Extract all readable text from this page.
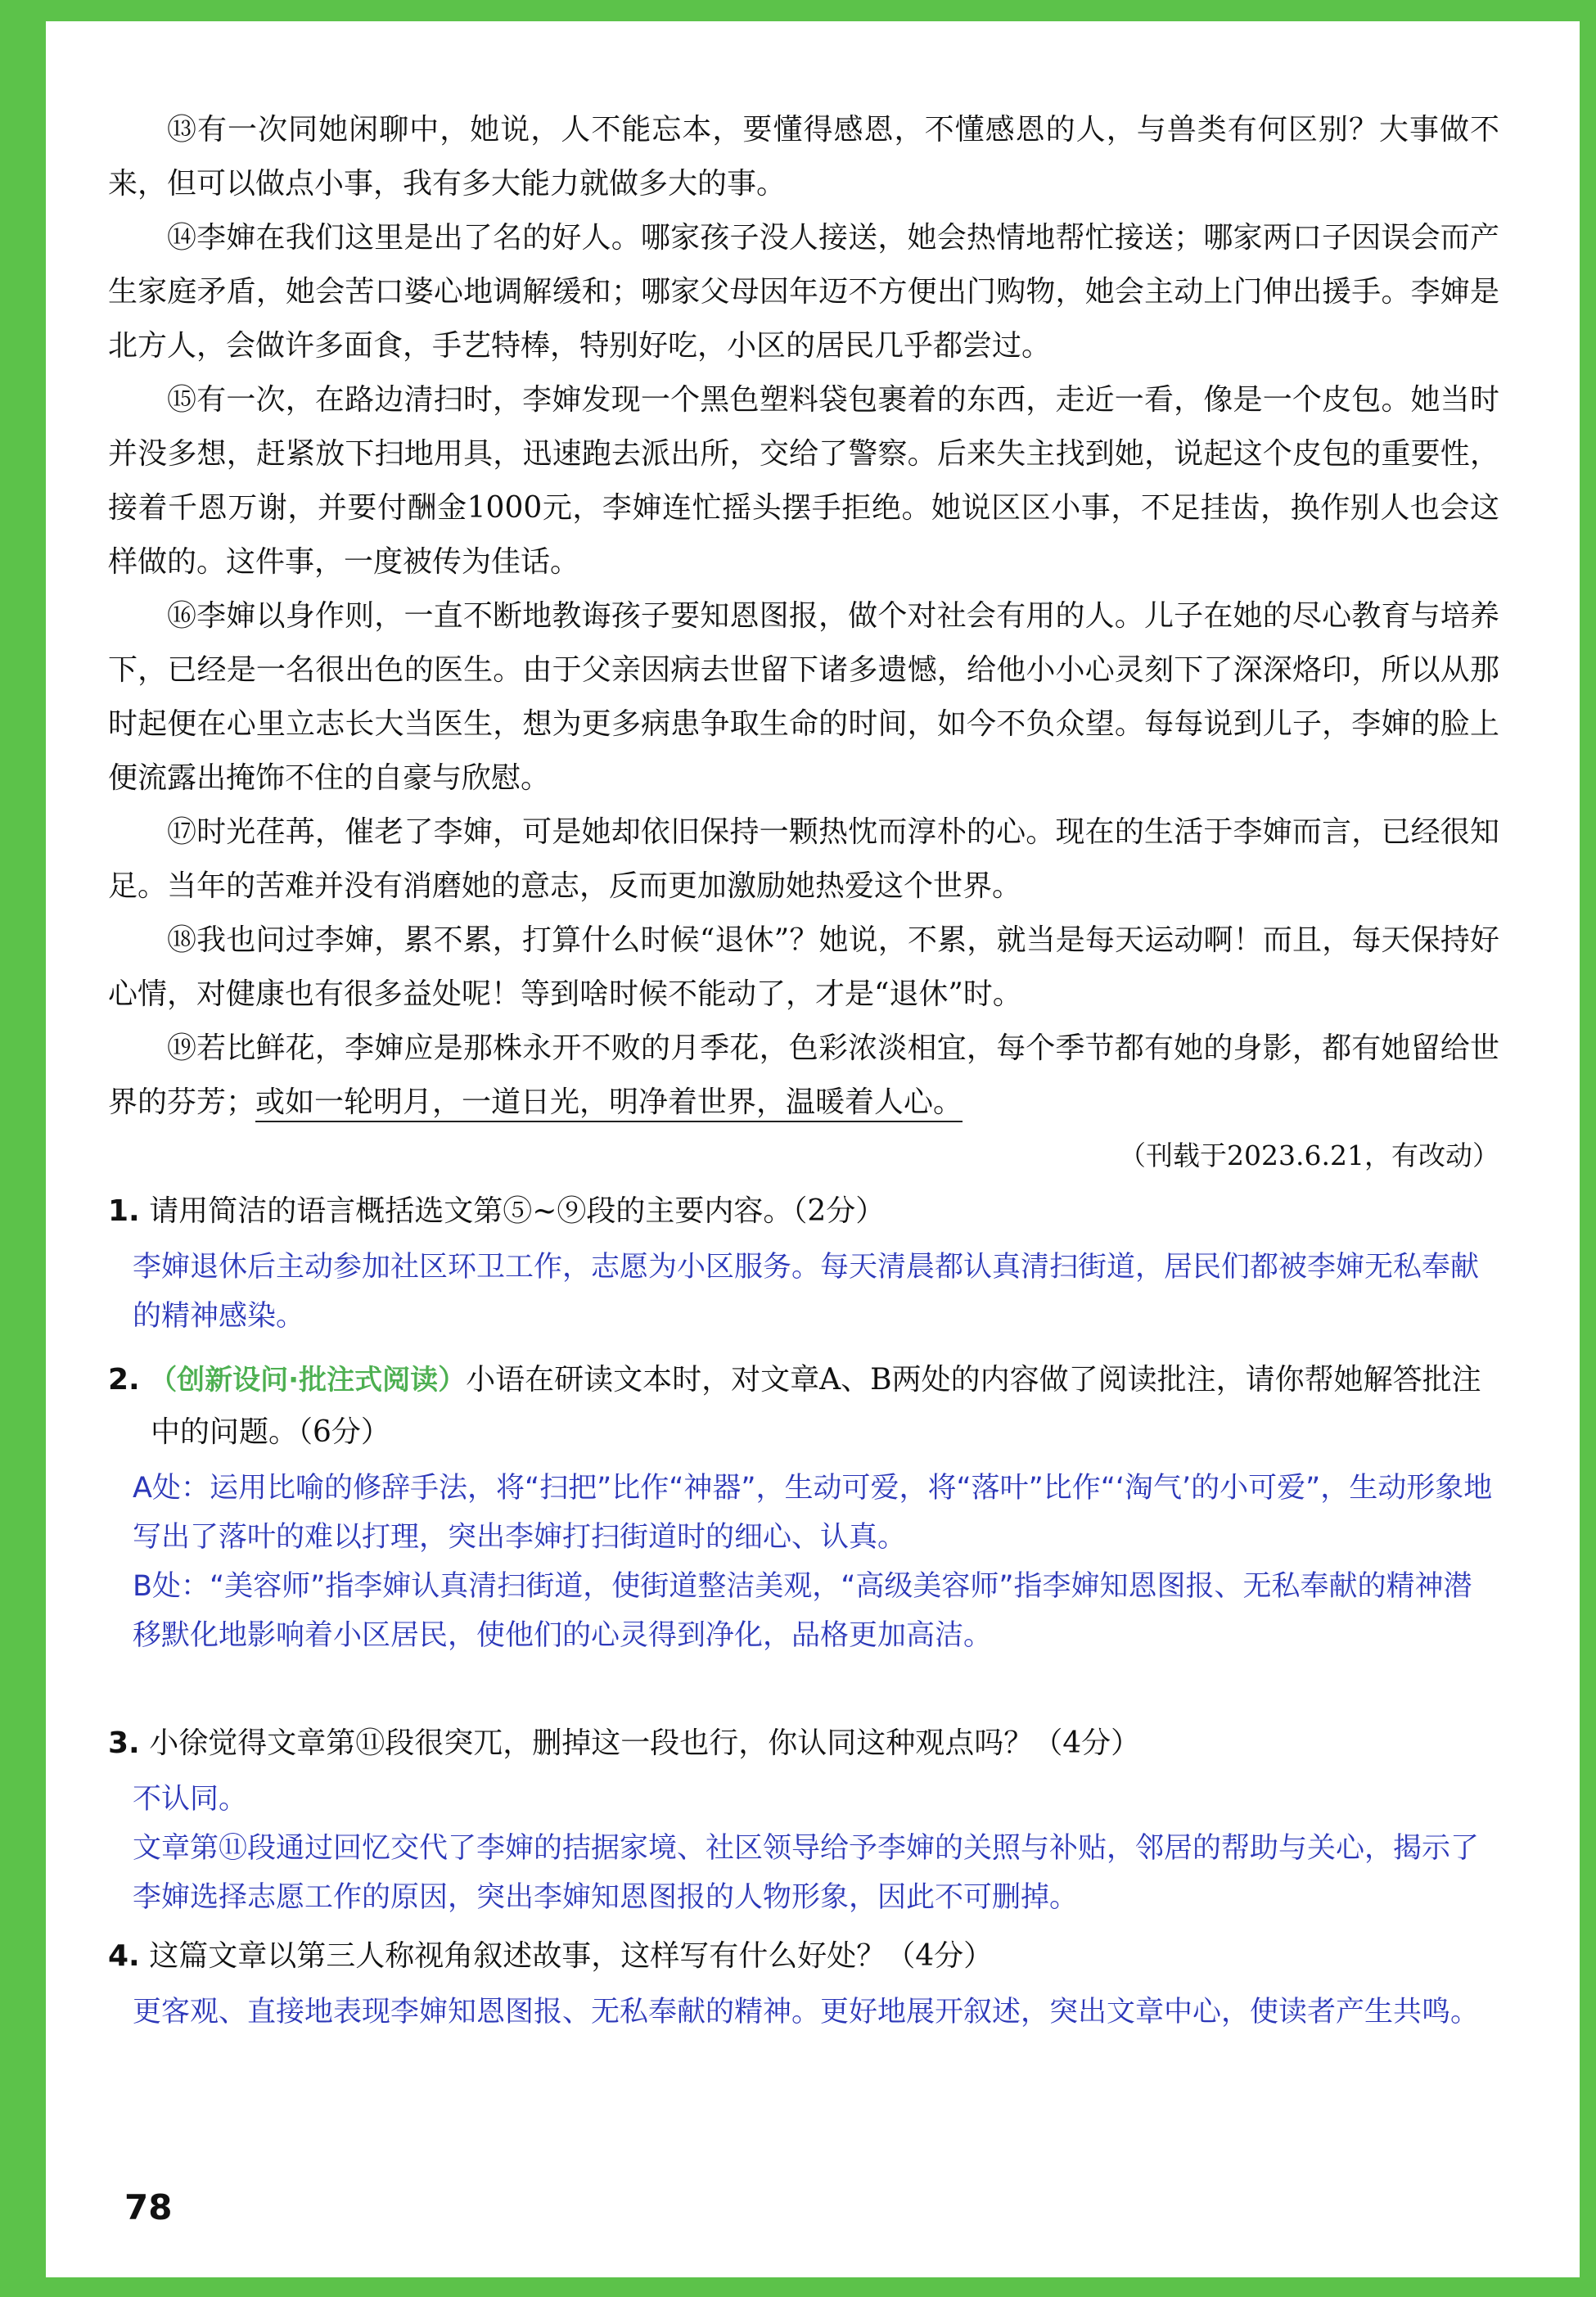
⑬有一次同她闲聊中，她说，人不能忘本，要懂得感恩，不懂感恩的人，与兽类有何区别？大事做不来，但可以做点小事，我有多大能力就做多大的事。

⑭李婶在我们这里是出了名的好人。哪家孩子没人接送，她会热情地帮忙接送；哪家两口子因误会而产生家庭矛盾，她会苦口婆心地调解缓和；哪家父母因年迈不方便出门购物，她会主动上门伸出援手。李婶是北方人，会做许多面食，手艺特棒，特别好吃，小区的居民几乎都尝过。

⑮有一次，在路边清扫时，李婶发现一个黑色塑料袋包裹着的东西，走近一看，像是一个皮包。她当时并没多想，赶紧放下扫地用具，迅速跑去派出所，交给了警察。后来失主找到她，说起这个皮包的重要性，接着千恩万谢，并要付酬金1000元，李婶连忙摇头摆手拒绝。她说区区小事，不足挂齿，换作别人也会这样做的。这件事，一度被传为佳话。

⑯李婶以身作则，一直不断地教诲孩子要知恩图报，做个对社会有用的人。儿子在她的尽心教育与培养下，已经是一名很出色的医生。由于父亲因病去世留下诸多遗憾，给他小小心灵刻下了深深烙印，所以从那时起便在心里立志长大当医生，想为更多病患争取生命的时间，如今不负众望。每每说到儿子，李婶的脸上便流露出掩饰不住的自豪与欣慰。

⑰时光荏苒，催老了李婶，可是她却依旧保持一颗热忱而淳朴的心。现在的生活于李婶而言，已经很知足。当年的苦难并没有消磨她的意志，反而更加激励她热爱这个世界。

⑱我也问过李婶，累不累，打算什么时候“退休”？她说，不累，就当是每天运动啊！而且，每天保持好心情，对健康也有很多益处呢！等到啥时候不能动了，才是“退休”时。

⑲若比鲜花，李婶应是那株永开不败的月季花，色彩浓淡相宜，每个季节都有她的身影，都有她留给世界的芬芳；或如一轮明月，一道日光，明净着世界，温暖着人心。

（刊载于2023.6.21，有改动）

1. 请用简洁的语言概括选文第⑤~⑨段的主要内容。（2分）

李婶退休后主动参加社区环卫工作，志愿为小区服务。每天清晨都认真清扫街道，居民们都被李婶无私奉献的精神感染。

2. （创新设问·批注式阅读）小语在研读文本时，对文章A、B两处的内容做了阅读批注，请你帮她解答批注中的问题。（6分）

A处：运用比喻的修辞手法，将“扫把”比作“神器”，生动可爱，将“落叶”比作“‘淘气’的小可爱”，生动形象地写出了落叶的难以打理，突出李婶打扫街道时的细心、认真。

B处：“美容师”指李婶认真清扫街道，使街道整洁美观，“高级美容师”指李婶知恩图报、无私奉献的精神潜移默化地影响着小区居民，使他们的心灵得到净化，品格更加高洁。

3. 小徐觉得文章第⑪段很突兀，删掉这一段也行，你认同这种观点吗？（4分）

不认同。

文章第⑪段通过回忆交代了李婶的拮据家境、社区领导给予李婶的关照与补贴，邻居的帮助与关心，揭示了李婶选择志愿工作的原因，突出李婶知恩图报的人物形象，因此不可删掉。

4. 这篇文章以第三人称视角叙述故事，这样写有什么好处？（4分）

更客观、直接地表现李婶知恩图报、无私奉献的精神。更好地展开叙述，突出文章中心，使读者产生共鸣。

78
